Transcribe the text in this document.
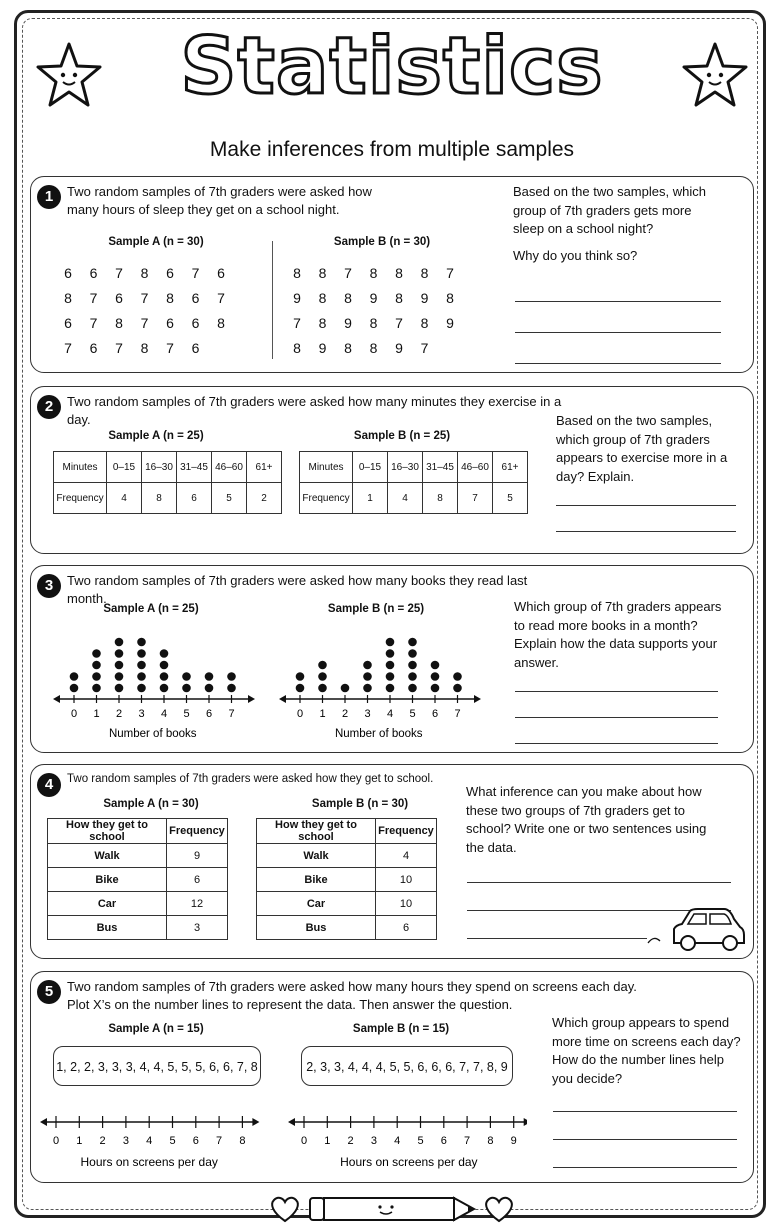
Statistics
Make inferences from multiple samples
1	Two random samples of 7th graders were asked how many hours of sleep they get on a school night.
Sample A (n = 30)	Sample B (n = 30)
6	6	7	8	6	7	6
8	7	6	7	8	6	7
6	7	8	7	6	6	8
7	6	7	8	7	6
8	8	7	8	8	8	7
9	8	8	9	8	9	8
7	8	9	8	7	8	9
8	9	8	8	9	7
Based on the two samples, which group of 7th graders gets more sleep on a school night?
Why do you think so?
2	Two random samples of 7th graders were asked how many minutes they exercise in a day.
Sample A (n = 25)	Sample B (n = 25)
Minutes	0–15	16–30	31–45	46–60	61+
Frequency	4	8	6	5	2
Minutes	0–15	16–30	31–45	46–60	61+
Frequency	1	4	8	7	5
Based on the two samples, which group of 7th graders appears to exercise more in a day? Explain.
3	Two random samples of 7th graders were asked how many books they read last month.
Sample A (n = 25)	Sample B (n = 25)
0 1 2 3 4 5 6 7
Number of books
0 1 2 3 4 5 6 7
Number of books
Which group of 7th graders appears to read more books in a month? Explain how the data supports your answer.
4	Two random samples of 7th graders were asked how they get to school.
Sample A (n = 30)	Sample B (n = 30)
How they get to school	Frequency
Walk	9
Bike	6
Car	12
Bus	3
How they get to school	Frequency
Walk	4
Bike	10
Car	10
Bus	6
What inference can you make about how these two groups of 7th graders get to school? Write one or two sentences using the data.
5	Two random samples of 7th graders were asked how many hours they spend on screens each day.
Plot X’s on the number lines to represent the data. Then answer the question.
Sample A (n = 15)	Sample B (n = 15)
1, 2, 2, 3, 3, 3, 4, 4, 5, 5, 5, 6, 6, 7, 8	2, 3, 3, 4, 4, 4, 5, 5, 6, 6, 6, 7, 7, 8, 9
0 1 2 3 4 5 6 7 8
Hours on screens per day
0 1 2 3 4 5 6 7 8 9
Hours on screens per day
Which group appears to spend more time on screens each day? How do the number lines help you decide?
